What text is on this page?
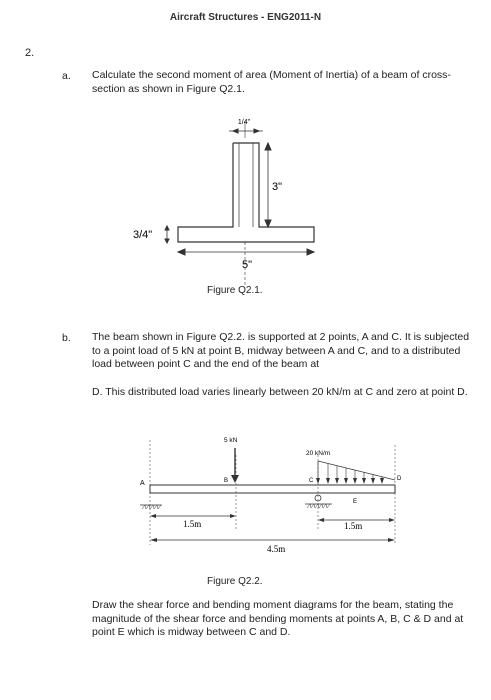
Aircraft Structures - ENG2011-N
2.
a. Calculate the second moment of area (Moment of Inertia) of a beam of cross-section as shown in Figure Q2.1.
1/4"
3"
3/4"
5"
Figure Q2.1.
b. The beam shown in Figure Q2.2. is supported at 2 points, A and C. It is subjected to a point load of 5 kN at point B, midway between A and C, and to a distributed load between point C and the end of the beam at
D. This distributed load varies linearly between 20 kN/m at C and zero at point D.
5 kN
20 kN/m
A	B	C	D
E
1.5m	1.5m
4.5m
Figure Q2.2.
Draw the shear force and bending moment diagrams for the beam, stating the magnitude of the shear force and bending moments at points A, B, C & D and at point E which is midway between C and D.
